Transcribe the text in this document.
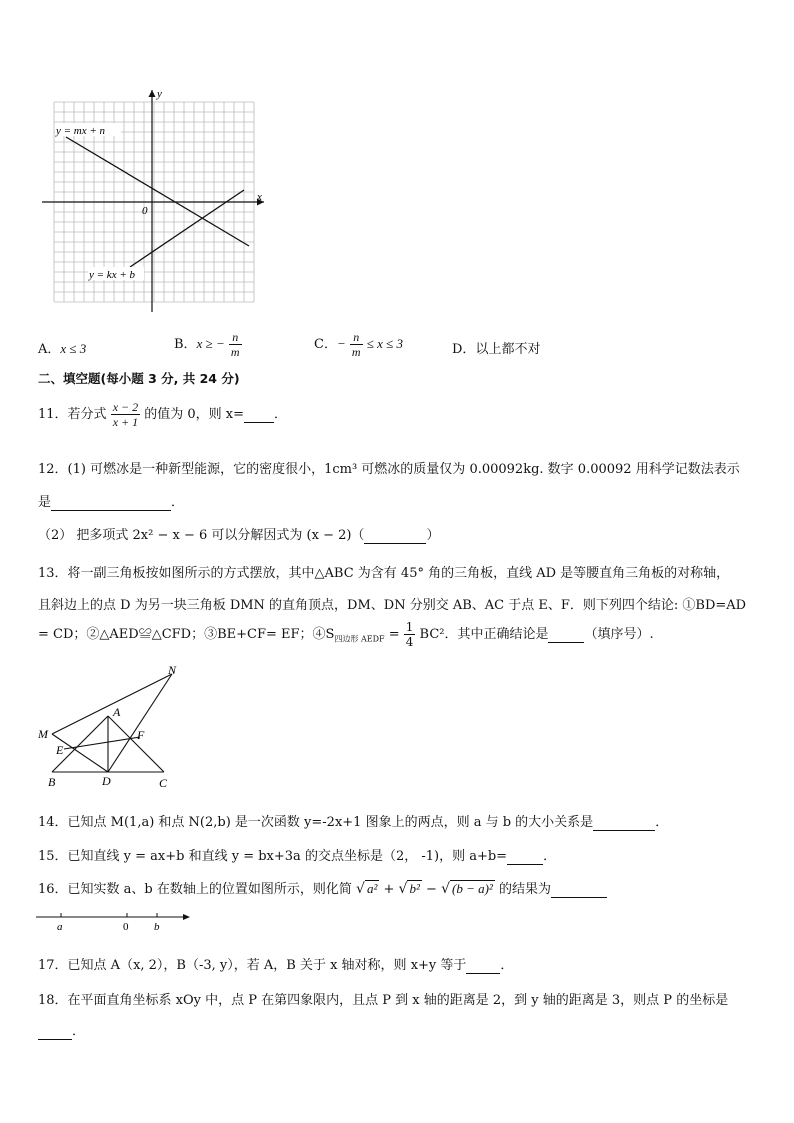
y
x
0
y = mx + n
y = kx + b
A．x ≤ 3	B．x ≥ − $\frac{n}{m}$	C．− $\frac{n}{m} \le x \le 3$	D．以上都不对
二、填空题(每小题 3 分, 共 24 分)
11．若分式 $\frac{x - 2}{x + 1}$ 的值为 0，则 x= ．
12．(1) 可燃冰是一种新型能源，它的密度很小，1cm³ 可燃冰的质量仅为 0.00092kg. 数字 0.00092 用科学记数法表示
是	．
（2） 把多项式 2x² − x − 6 可以分解因式为 (x − 2)（	）
13．将一副三角板按如图所示的方式摆放，其中△ABC 为含有 45° 角的三角板，直线 AD 是等腰直角三角板的对称轴，
且斜边上的点 D 为另一块三角板 DMN 的直角顶点，DM、DN 分别交 AB、AC 于点 E、F．则下列四个结论: ①BD=AD
= CD；②△AED≌△CFD；③BE+CF= EF；$④S_{四边形 AEDF} = \frac{1}{4} BC^2$．其中正确结论是	（填序号）.
M
N
A
E
F
B	D	C
14．已知点 M(1,a) 和点 N(2,b) 是一次函数 y=-2x+1 图象上的两点，则 a 与 b 的大小关系是	．
15．已知直线 y = ax+b 和直线 y = bx+3a 的交点坐标是（2， -1)，则 a+b=	．
16．已知实数 a、b 在数轴上的位置如图所示，则化简 √ a² + √ b² − √ (b − a)² 的结果为
a	0 b
17．已知点 A（x, 2），B（-3, y），若 A，B 关于 x 轴对称，则 x+y 等于	．
18．在平面直角坐标系 xOy 中，点 P 在第四象限内，且点 P 到 x 轴的距离是 2，到 y 轴的距离是 3，则点 P 的坐标是
．
